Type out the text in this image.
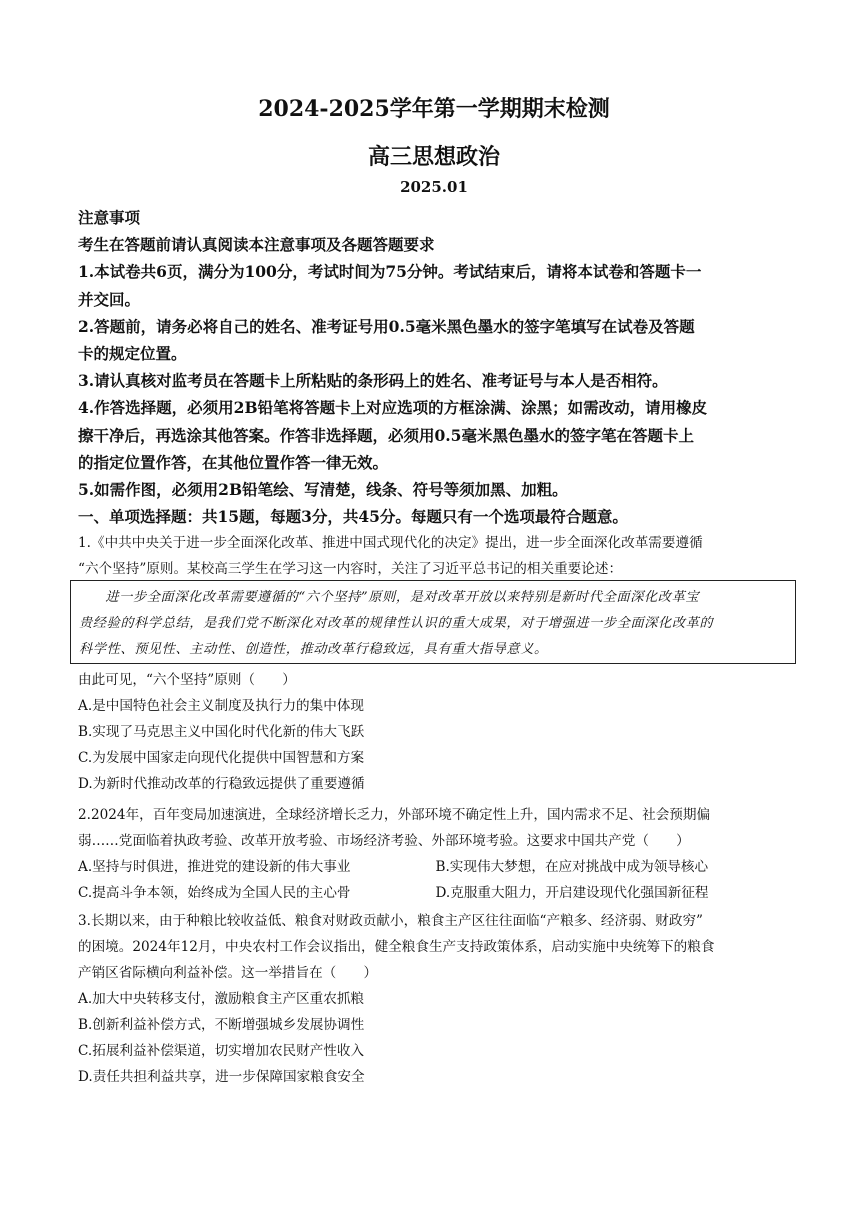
2024-2025学年第一学期期末检测
高三思想政治
2025.01

注意事项

考生在答题前请认真阅读本注意事项及各题答题要求

1.本试卷共6页，满分为100分，考试时间为75分钟。考试结束后，请将本试卷和答题卡一

并交回。

2.答题前，请务必将自己的姓名、准考证号用0.5毫米黑色墨水的签字笔填写在试卷及答题

卡的规定位置。

3.请认真核对监考员在答题卡上所粘贴的条形码上的姓名、准考证号与本人是否相符。

4.作答选择题，必须用2B铅笔将答题卡上对应选项的方框涂满、涂黑；如需改动，请用橡皮

擦干净后，再选涂其他答案。作答非选择题，必须用0.5毫米黑色墨水的签字笔在答题卡上

的指定位置作答，在其他位置作答一律无效。

5.如需作图，必须用2B铅笔绘、写清楚，线条、符号等须加黑、加粗。

一、单项选择题：共15题，每题3分，共45分。每题只有一个选项最符合题意。

1.《中共中央关于进一步全面深化改革、推进中国式现代化的决定》提出，进一步全面深化改革需要遵循

“六个坚持”原则。某校高三学生在学习这一内容时，关注了习近平总书记的相关重要论述：

进一步全面深化改革需要遵循的“六个坚持”原则，是对改革开放以来特别是新时代全面深化改革宝

贵经验的科学总结，是我们党不断深化对改革的规律性认识的重大成果，对于增强进一步全面深化改革的

科学性、预见性、主动性、创造性，推动改革行稳致远，具有重大指导意义。

由此可见，“六个坚持”原则（　　）

A.是中国特色社会主义制度及执行力的集中体现

B.实现了马克思主义中国化时代化新的伟大飞跃

C.为发展中国家走向现代化提供中国智慧和方案

D.为新时代推动改革的行稳致远提供了重要遵循

2.2024年，百年变局加速演进，全球经济增长乏力，外部环境不确定性上升，国内需求不足、社会预期偏

弱……党面临着执政考验、改革开放考验、市场经济考验、外部环境考验。这要求中国共产党（　　）

A.坚持与时俱进，推进党的建设新的伟大事业	B.实现伟大梦想，在应对挑战中成为领导核心
C.提高斗争本领，始终成为全国人民的主心骨	D.克服重大阻力，开启建设现代化强国新征程

3.长期以来，由于种粮比较收益低、粮食对财政贡献小，粮食主产区往往面临“产粮多、经济弱、财政穷”

的困境。2024年12月，中央农村工作会议指出，健全粮食生产支持政策体系，启动实施中央统筹下的粮食

产销区省际横向利益补偿。这一举措旨在（　　）

A.加大中央转移支付，激励粮食主产区重农抓粮

B.创新利益补偿方式，不断增强城乡发展协调性

C.拓展利益补偿渠道，切实增加农民财产性收入

D.责任共担利益共享，进一步保障国家粮食安全
